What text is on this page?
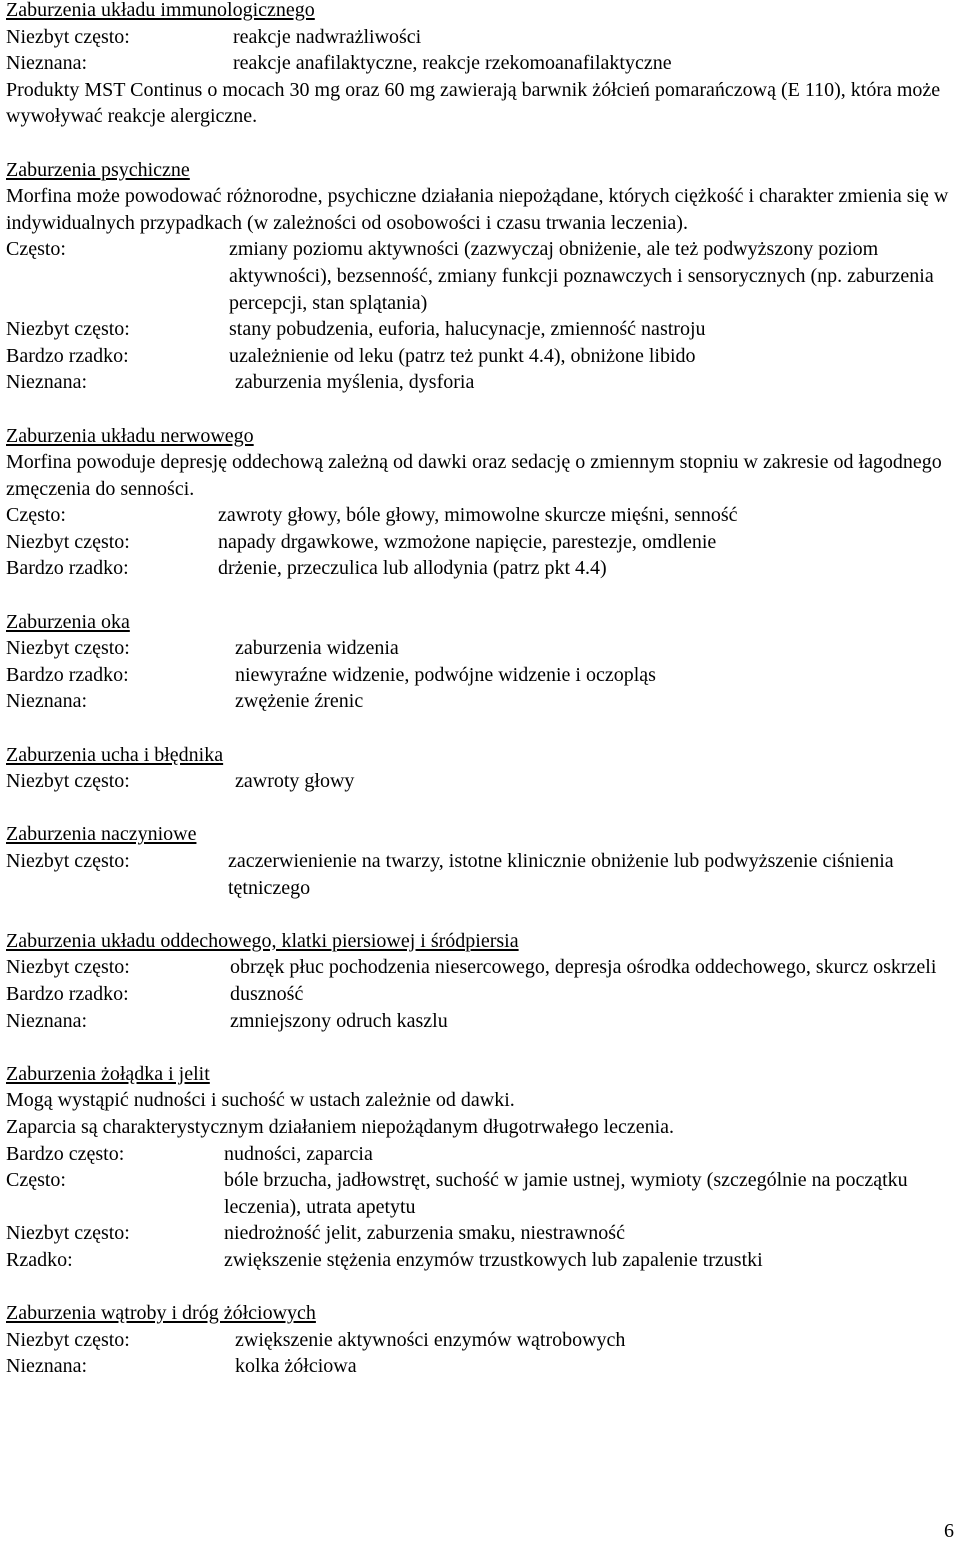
Zaburzenia układu immunologicznego
Niezbyt często:	reakcje nadwrażliwości
Nieznana:	reakcje anafilaktyczne, reakcje rzekomoanafilaktyczne

Produkty MST Continus o mocach 30 mg oraz 60 mg zawierają barwnik żółcień pomarańczową (E 110), która może wywoływać reakcje alergiczne.

Zaburzenia psychiczne

Morfina może powodować różnorodne, psychiczne działania niepożądane, których ciężkość i charakter zmienia się w indywidualnych przypadkach (w zależności od osobowości i czasu trwania leczenia).

Często:	zmiany poziomu aktywności (zazwyczaj obniżenie, ale też podwyższony poziom aktywności), bezsenność, zmiany funkcji poznawczych i sensorycznych (np. zaburzenia percepcji, stan splątania)
Niezbyt często:	stany pobudzenia, euforia, halucynacje, zmienność nastroju
Bardzo rzadko:	uzależnienie od leku (patrz też punkt 4.4), obniżone libido
Nieznana:	zaburzenia myślenia, dysforia
Zaburzenia układu nerwowego

Morfina powoduje depresję oddechową zależną od dawki oraz sedację o zmiennym stopniu w zakresie od łagodnego zmęczenia do senności.

Często:	zawroty głowy, bóle głowy, mimowolne skurcze mięśni, senność
Niezbyt często:	napady drgawkowe, wzmożone napięcie, parestezje, omdlenie
Bardzo rzadko:	drżenie, przeczulica lub allodynia (patrz pkt 4.4)
Zaburzenia oka
Niezbyt często:	zaburzenia widzenia
Bardzo rzadko:	niewyraźne widzenie, podwójne widzenie i oczopląs
Nieznana:	zwężenie źrenic
Zaburzenia ucha i błędnika
Niezbyt często:	zawroty głowy
Zaburzenia naczyniowe
Niezbyt często:	zaczerwienienie na twarzy, istotne klinicznie obniżenie lub podwyższenie ciśnienia tętniczego
Zaburzenia układu oddechowego, klatki piersiowej i śródpiersia
Niezbyt często:	obrzęk płuc pochodzenia niesercowego, depresja ośrodka oddechowego, skurcz oskrzeli
Bardzo rzadko:	duszność
Nieznana:	zmniejszony odruch kaszlu
Zaburzenia żołądka i jelit

Mogą wystąpić nudności i suchość w ustach zależnie od dawki.

Zaparcia są charakterystycznym działaniem niepożądanym długotrwałego leczenia.

Bardzo często:	nudności, zaparcia
Często:	bóle brzucha, jadłowstręt, suchość w jamie ustnej, wymioty (szczególnie na początku leczenia), utrata apetytu
Niezbyt często:	niedrożność jelit, zaburzenia smaku, niestrawność
Rzadko:	zwiększenie stężenia enzymów trzustkowych lub zapalenie trzustki
Zaburzenia wątroby i dróg żółciowych
Niezbyt często:	zwiększenie aktywności enzymów wątrobowych
Nieznana:	kolka żółciowa
6
